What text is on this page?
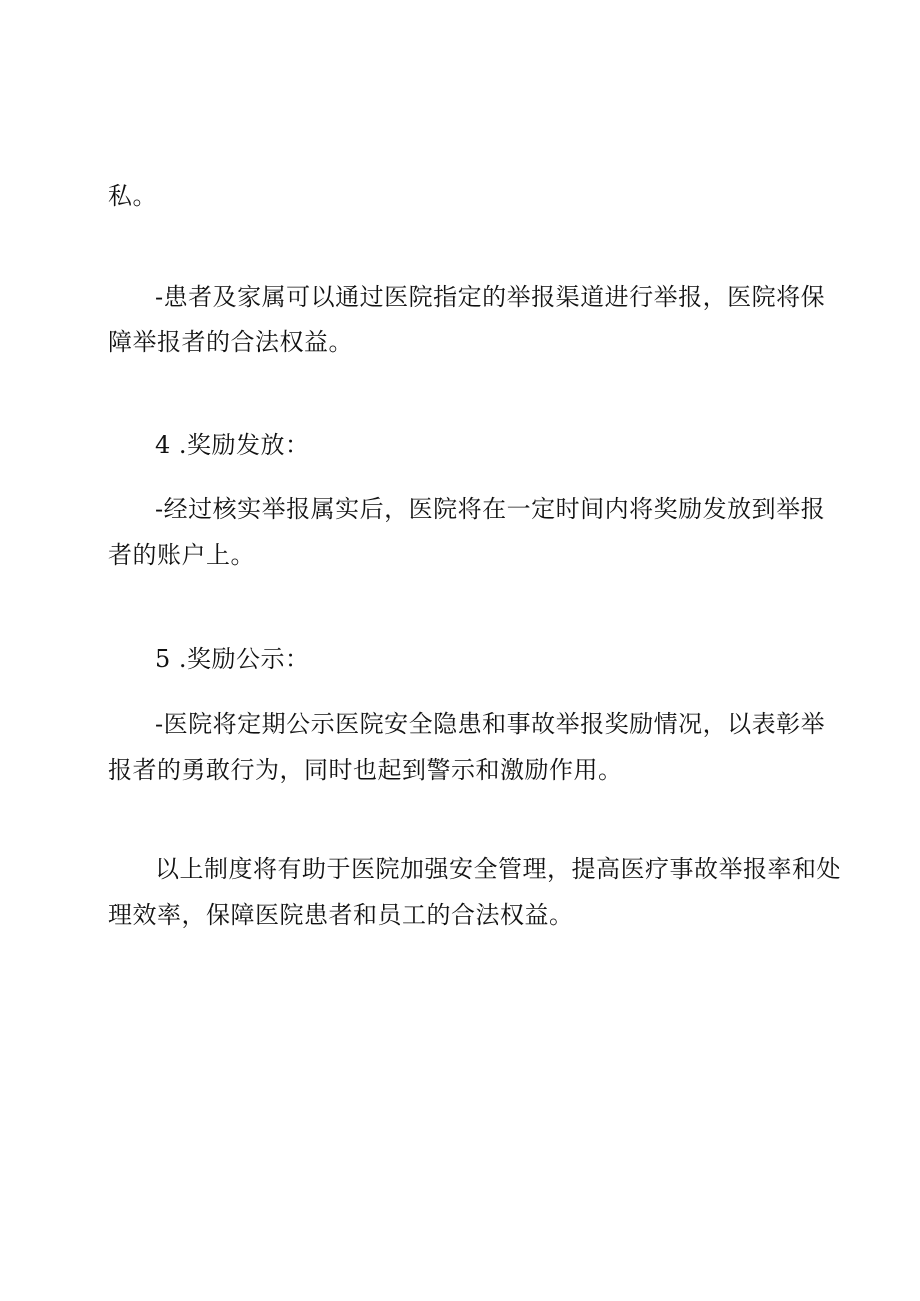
私。

-患者及家属可以通过医院指定的举报渠道进行举报，医院将保

障举报者的合法权益。

4 .奖励发放：

-经过核实举报属实后，医院将在一定时间内将奖励发放到举报

者的账户上。

5 .奖励公示：

-医院将定期公示医院安全隐患和事故举报奖励情况，以表彰举

报者的勇敢行为，同时也起到警示和激励作用。

以上制度将有助于医院加强安全管理，提高医疗事故举报率和处

理效率，保障医院患者和员工的合法权益。
